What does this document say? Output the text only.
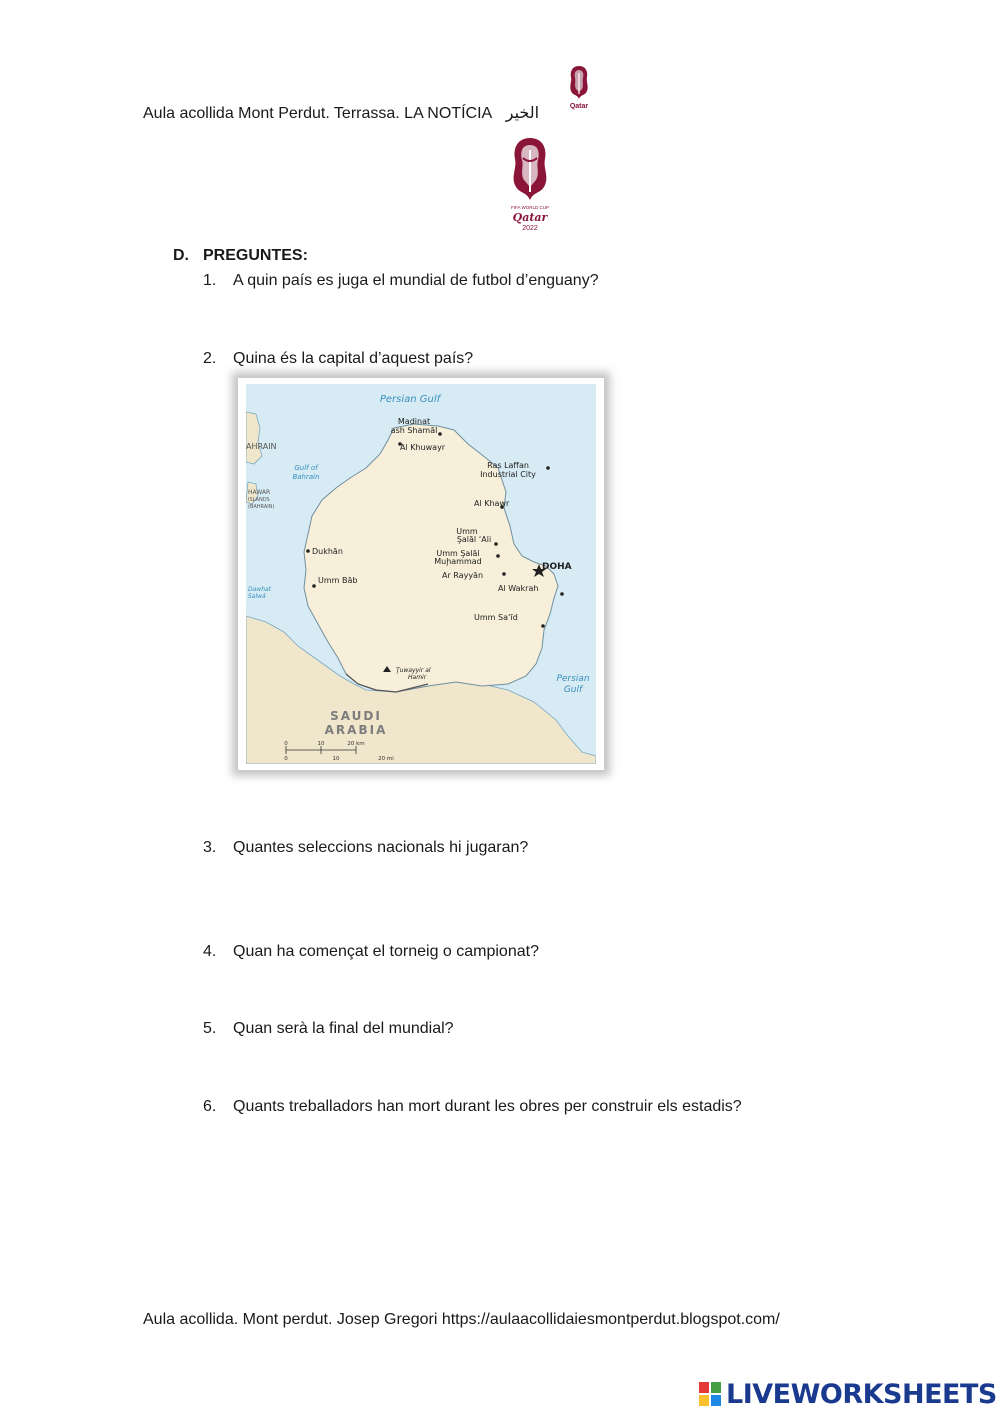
Aula acollida Mont Perdut. Terrassa. LA NOTÍCIA الخير	Qatar
FIFA WORLD CUP
Qatar
2022
D. PREGUNTES:
1. A quin país es juga el mundial de futbol d’enguany?
2. Quina és la capital d’aquest país?
Persian Gulf
Persian
Gulf
AHRAIN
Gulf of
Bahrain
HAWAR
ISLANDS
(BAHRAIN)
Dawhat
Salwá
SAUDI
ARABIA
Madinat
ash Shamāl
Al Khuwayr
Ras Laffan
Industrial City
Al Khawr
Umm
Şalāl ʻAli
Umm Şalāl
Muḩammad
Dukhān
DOHA
Ar Rayyān
Umm Bāb
Al Wakrah
Umm Saʻīd
Ţuwayyir al
Hamir
0	10	20 km
0	10	20 mi
3. Quantes seleccions nacionals hi jugaran?
4. Quan ha començat el torneig o campionat?
5. Quan serà la final del mundial?
6. Quants treballadors han mort durant les obres per construir els estadis?
Aula acollida. Mont perdut. Josep Gregori https://aulaacollidaiesmontperdut.blogspot.com/
LIVEWORKSHEETS
